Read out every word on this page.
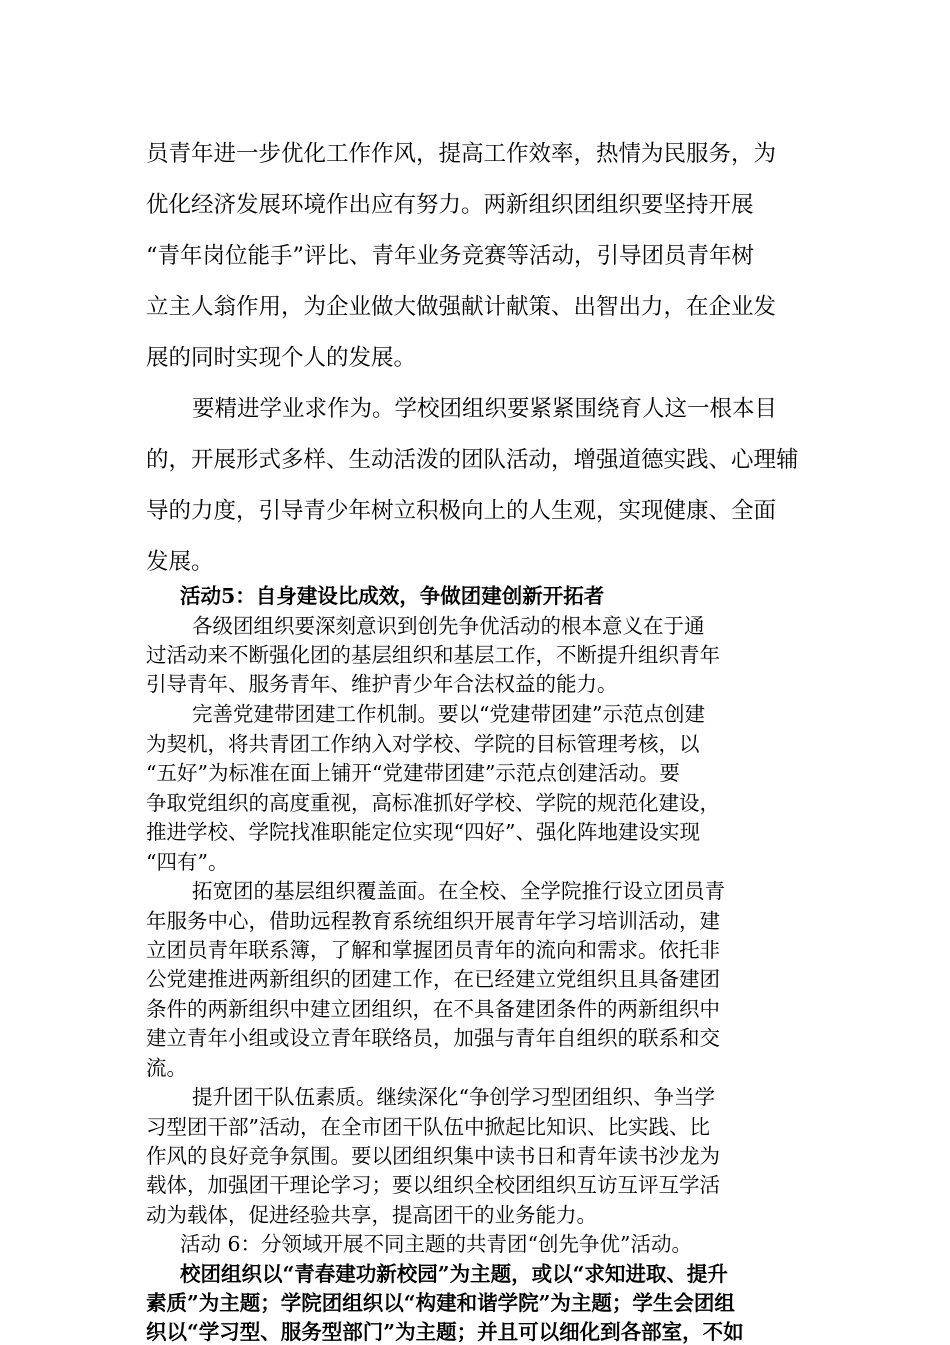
员青年进一步优化工作作风，提高工作效率，热情为民服务，为

优化经济发展环境作出应有努力。两新组织团组织要坚持开展

“青年岗位能手”评比、青年业务竞赛等活动，引导团员青年树

立主人翁作用，为企业做大做强献计献策、出智出力，在企业发

展的同时实现个人的发展。

要精进学业求作为。学校团组织要紧紧围绕育人这一根本目

的，开展形式多样、生动活泼的团队活动，增强道德实践、心理辅

导的力度，引导青少年树立积极向上的人生观，实现健康、全面

发展。

活动5：自身建设比成效，争做团建创新开拓者

各级团组织要深刻意识到创先争优活动的根本意义在于通

过活动来不断强化团的基层组织和基层工作，不断提升组织青年

引导青年、服务青年、维护青少年合法权益的能力。

完善党建带团建工作机制。要以“党建带团建”示范点创建

为契机，将共青团工作纳入对学校、学院的目标管理考核，以

“五好”为标准在面上铺开“党建带团建”示范点创建活动。要

争取党组织的高度重视，高标准抓好学校、学院的规范化建设，

推进学校、学院找准职能定位实现“四好”、强化阵地建设实现

“四有”。

拓宽团的基层组织覆盖面。在全校、全学院推行设立团员青

年服务中心，借助远程教育系统组织开展青年学习培训活动，建

立团员青年联系簿，了解和掌握团员青年的流向和需求。依托非

公党建推进两新组织的团建工作，在已经建立党组织且具备建团

条件的两新组织中建立团组织，在不具备建团条件的两新组织中

建立青年小组或设立青年联络员，加强与青年自组织的联系和交

流。

提升团干队伍素质。继续深化“争创学习型团组织、争当学

习型团干部”活动，在全市团干队伍中掀起比知识、比实践、比

作风的良好竞争氛围。要以团组织集中读书日和青年读书沙龙为

载体，加强团干理论学习；要以组织全校团组织互访互评互学活

动为载体，促进经验共享，提高团干的业务能力。

活动 6：分领域开展不同主题的共青团“创先争优”活动。

校团组织以“青春建功新校园”为主题，或以“求知进取、提升

素质”为主题；学院团组织以“构建和谐学院”为主题；学生会团组

织以“学习型、服务型部门”为主题；并且可以细化到各部室，不如
